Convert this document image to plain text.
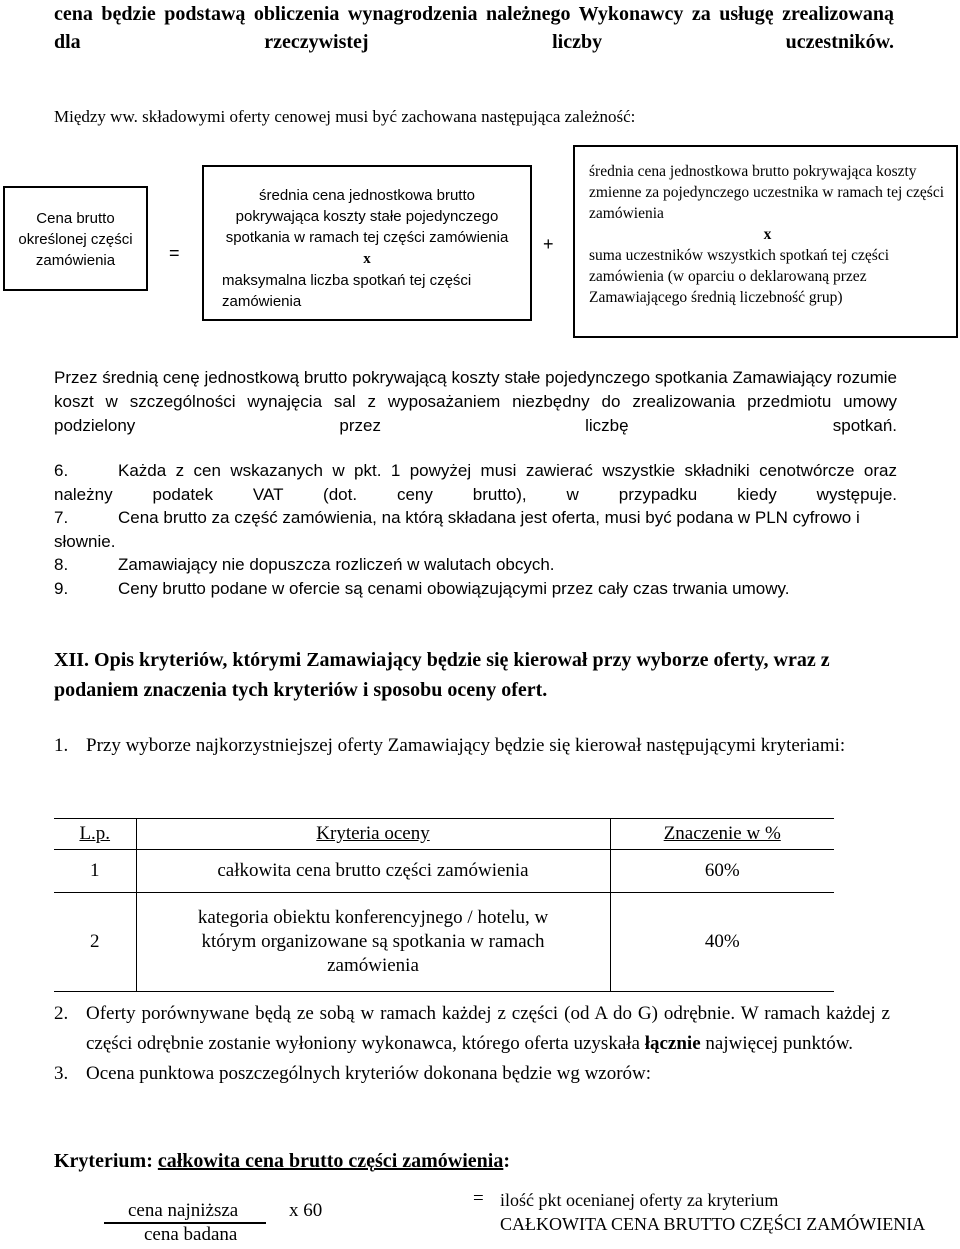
cena będzie podstawą obliczenia wynagrodzenia należnego Wykonawcy za usługę zrealizowaną dla rzeczywistej liczby uczestników.
Między ww. składowymi oferty cenowej musi być zachowana następująca zależność:
Cena brutto określonej części zamówienia	=
średnia cena jednostkowa brutto pokrywająca koszty stałe pojedynczego spotkania w ramach tej części zamówienia x
maksymalna liczba spotkań tej części zamówienia
+
średnia cena jednostkowa brutto pokrywająca koszty zmienne za pojedynczego uczestnika w ramach tej części zamówienia
x
suma uczestników wszystkich spotkań tej części zamówienia (w oparciu o deklarowaną przez Zamawiającego średnią liczebność grup)
Przez średnią cenę jednostkową brutto pokrywającą koszty stałe pojedynczego spotkania Zamawiający rozumie koszt w szczególności wynajęcia sal z wyposażaniem niezbędny do zrealizowania przedmiotu umowy podzielony przez liczbę spotkań.
6.	Każda z cen wskazanych w pkt. 1 powyżej musi zawierać wszystkie składniki cenotwórcze oraz należny podatek VAT (dot. ceny brutto), w przypadku kiedy występuje.
7.	Cena brutto za część zamówienia, na którą składana jest oferta, musi być podana w PLN cyfrowo i słownie.
8.	Zamawiający nie dopuszcza rozliczeń w walutach obcych.
9.	Ceny brutto podane w ofercie są cenami obowiązującymi przez cały czas trwania umowy.
XII. Opis kryteriów, którymi Zamawiający będzie się kierował przy wyborze oferty, wraz z podaniem znaczenia tych kryteriów i sposobu oceny ofert.
1. Przy wyborze najkorzystniejszej oferty Zamawiający będzie się kierował następującymi kryteriami:
L.p.	Kryteria oceny	Znaczenie w %
1	całkowita cena brutto części zamówienia	60%
2	kategoria obiektu konferencyjnego / hotelu, w którym organizowane są spotkania w ramach zamówienia	40%
2. Oferty porównywane będą ze sobą w ramach każdej z części (od A do G) odrębnie. W ramach każdej z części odrębnie zostanie wyłoniony wykonawca, którego oferta uzyskała łącznie najwięcej punktów.
3. Ocena punktowa poszczególnych kryteriów dokonana będzie wg wzorów:
Kryterium: całkowita cena brutto części zamówienia:
cena najniższa	x 60
cena badana
= ilość pkt ocenianej oferty za kryterium
CAŁKOWITA CENA BRUTTO CZĘŚCI ZAMÓWIENIA
